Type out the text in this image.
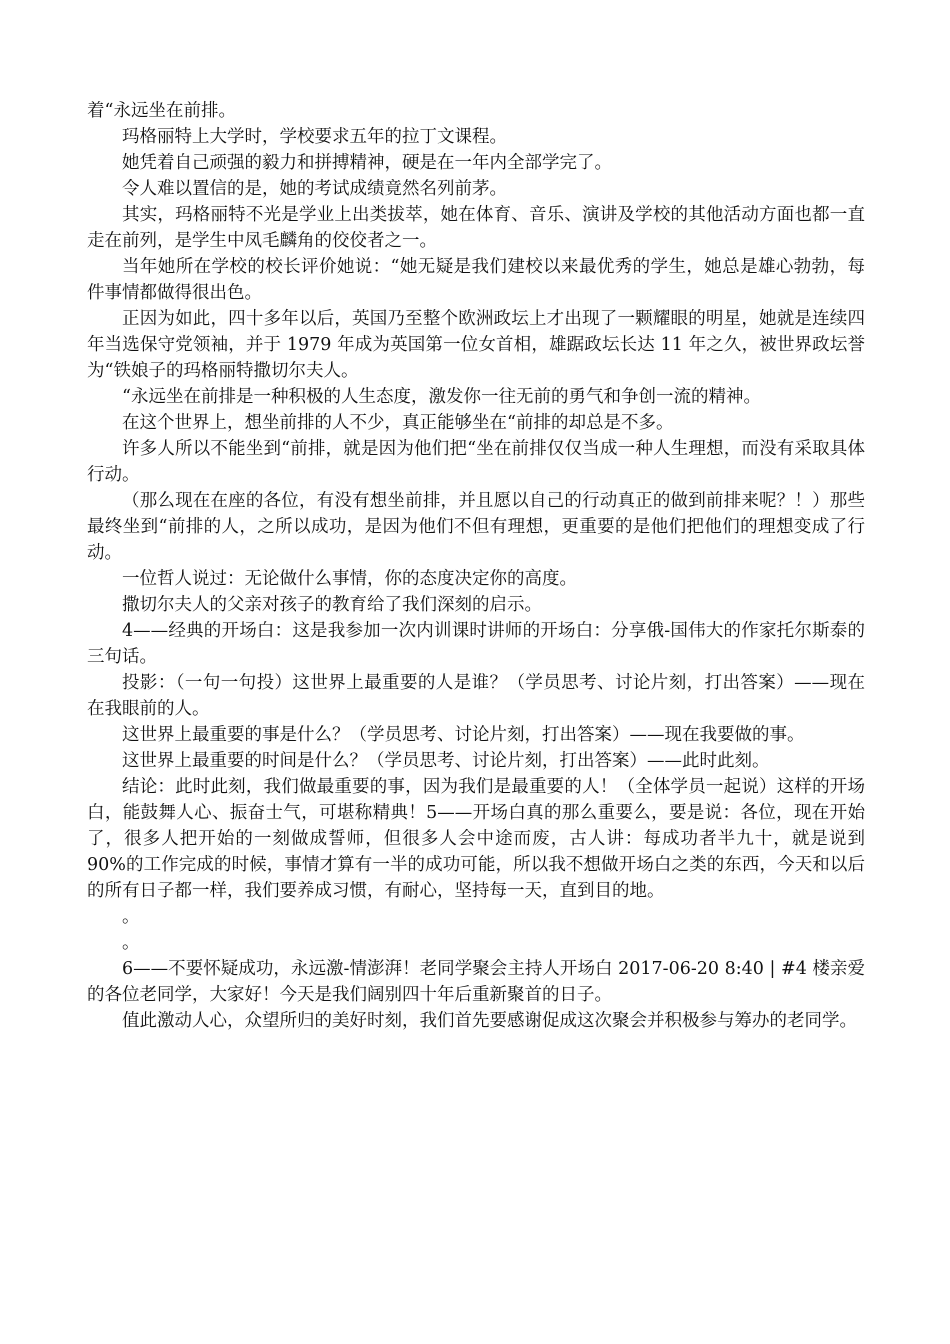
着“永远坐在前排。

玛格丽特上大学时，学校要求五年的拉丁文课程。

她凭着自己顽强的毅力和拼搏精神，硬是在一年内全部学完了。

令人难以置信的是，她的考试成绩竟然名列前茅。

其实，玛格丽特不光是学业上出类拔萃，她在体育、音乐、演讲及学校的其他活动方面也都一直走在前列，是学生中凤毛麟角的佼佼者之一。

当年她所在学校的校长评价她说：“她无疑是我们建校以来最优秀的学生，她总是雄心勃勃，每件事情都做得很出色。

正因为如此，四十多年以后，英国乃至整个欧洲政坛上才出现了一颗耀眼的明星，她就是连续四年当选保守党领袖，并于 1979 年成为英国第一位女首相，雄踞政坛长达 11 年之久，被世界政坛誉为“铁娘子的玛格丽特撒切尔夫人。

“永远坐在前排是一种积极的人生态度，激发你一往无前的勇气和争创一流的精神。

在这个世界上，想坐前排的人不少，真正能够坐在“前排的却总是不多。

许多人所以不能坐到“前排，就是因为他们把“坐在前排仅仅当成一种人生理想，而没有采取具体行动。

（那么现在在座的各位，有没有想坐前排，并且愿以自己的行动真正的做到前排来呢？！）那些最终坐到“前排的人，之所以成功，是因为他们不但有理想，更重要的是他们把他们的理想变成了行动。

一位哲人说过：无论做什么事情，你的态度决定你的高度。

撒切尔夫人的父亲对孩子的教育给了我们深刻的启示。

4——经典的开场白：这是我参加一次内训课时讲师的开场白：分享俄-国伟大的作家托尔斯泰的三句话。

投影：（一句一句投）这世界上最重要的人是谁？（学员思考、讨论片刻，打出答案）——现在在我眼前的人。

这世界上最重要的事是什么？（学员思考、讨论片刻，打出答案）——现在我要做的事。

这世界上最重要的时间是什么？（学员思考、讨论片刻，打出答案）——此时此刻。

结论：此时此刻，我们做最重要的事，因为我们是最重要的人！（全体学员一起说）这样的开场白，能鼓舞人心、振奋士气，可堪称精典！5——开场白真的那么重要么，要是说：各位，现在开始了，很多人把开始的一刻做成誓师，但很多人会中途而废，古人讲：每成功者半九十，就是说到 90%的工作完成的时候，事情才算有一半的成功可能，所以我不想做开场白之类的东西，今天和以后的所有日子都一样，我们要养成习惯，有耐心，坚持每一天，直到目的地。

。

。

6——不要怀疑成功，永远激-情澎湃！老同学聚会主持人开场白 2017-06-20 8:40 | #4 楼亲爱的各位老同学，大家好！今天是我们阔别四十年后重新聚首的日子。

值此激动人心，众望所归的美好时刻，我们首先要感谢促成这次聚会并积极参与筹办的老同学。
